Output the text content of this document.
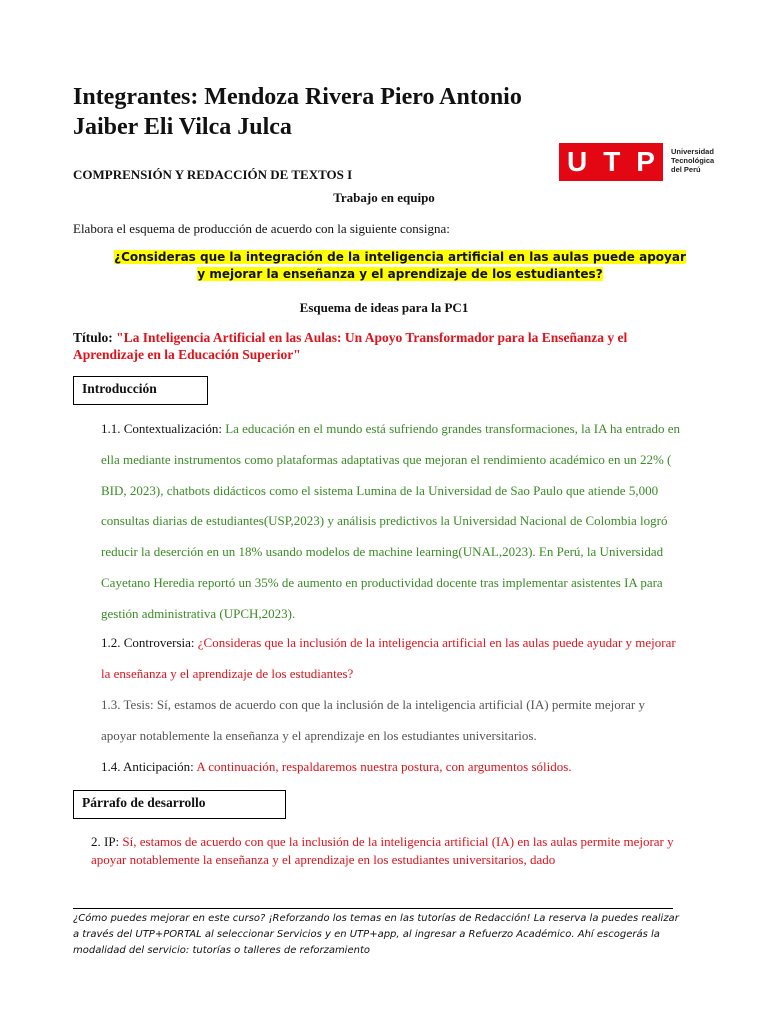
Integrantes: Mendoza Rivera Piero Antonio
Jaiber Eli Vilca Julca
U T P Universidad
Tecnológica
del Perú
COMPRENSIÓN Y REDACCIÓN DE TEXTOS I
Trabajo en equipo
Elabora el esquema de producción de acuerdo con la siguiente consigna:
¿Consideras que la integración de la inteligencia artificial en las aulas puede apoyar y mejorar la enseñanza y el aprendizaje de los estudiantes?
Esquema de ideas para la PC1
Título: "La Inteligencia Artificial en las Aulas: Un Apoyo Transformador para la Enseñanza y el Aprendizaje en la Educación Superior"
Introducción
1.1. Contextualización: La educación en el mundo está sufriendo grandes transformaciones, la IA ha entrado en ella mediante instrumentos como plataformas adaptativas que mejoran el rendimiento académico en un 22% ( BID, 2023), chatbots didácticos como el sistema Lumina de la Universidad de Sao Paulo que atiende 5,000 consultas diarias de estudiantes(USP,2023) y análisis predictivos la Universidad Nacional de Colombia logró reducir la deserción en un 18% usando modelos de machine learning(UNAL,2023). En Perú, la Universidad Cayetano Heredia reportó un 35% de aumento en productividad docente tras implementar asistentes IA para gestión administrativa (UPCH,2023).
1.2. Controversia: ¿Consideras que la inclusión de la inteligencia artificial en las aulas puede ayudar y mejorar la enseñanza y el aprendizaje de los estudiantes?
1.3. Tesis: Sí, estamos de acuerdo con que la inclusión de la inteligencia artificial (IA) permite mejorar y apoyar notablemente la enseñanza y el aprendizaje en los estudiantes universitarios.
1.4. Anticipación: A continuación, respaldaremos nuestra postura, con argumentos sólidos.
Párrafo de desarrollo
2. IP: Sí, estamos de acuerdo con que la inclusión de la inteligencia artificial (IA) en las aulas permite mejorar y apoyar notablemente la enseñanza y el aprendizaje en los estudiantes universitarios, dado
¿Cómo puedes mejorar en este curso? ¡Reforzando los temas en las tutorías de Redacción! La reserva la puedes realizar a través del UTP+PORTAL al seleccionar Servicios y en UTP+app, al ingresar a Refuerzo Académico. Ahí escogerás la modalidad del servicio: tutorías o talleres de reforzamiento
